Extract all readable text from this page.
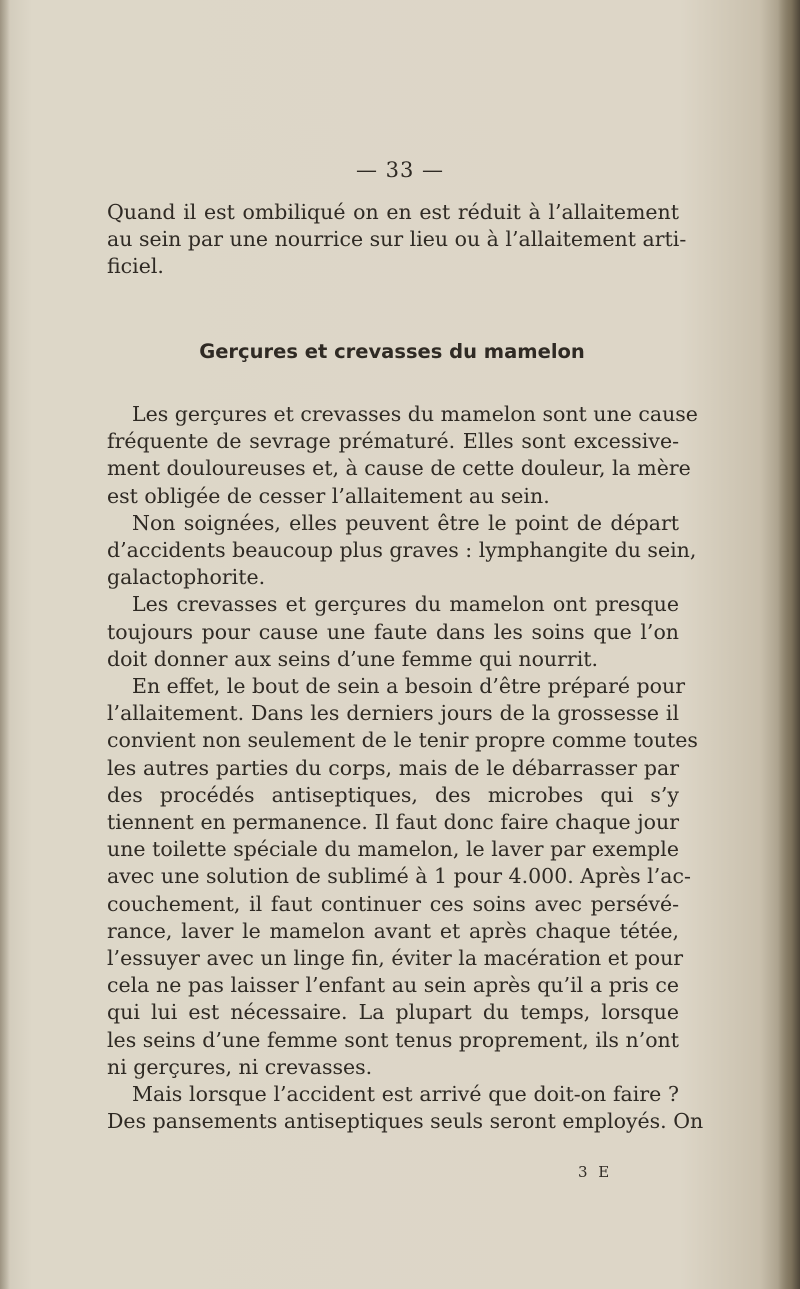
— 33 —
Quand il est ombiliqué on en est réduit à l’allaitement
au sein par une nourrice sur lieu ou à l’allaitement arti-
ficiel.
Gerçures et crevasses du mamelon
Les gerçures et crevasses du mamelon sont une cause
fréquente de sevrage prématuré. Elles sont excessive-
ment douloureuses et, à cause de cette douleur, la mère
est obligée de cesser l’allaitement au sein.
Non soignées, elles peuvent être le point de départ
d’accidents beaucoup plus graves : lymphangite du sein,
galactophorite.
Les crevasses et gerçures du mamelon ont presque
toujours pour cause une faute dans les soins que l’on
doit donner aux seins d’une femme qui nourrit.
En effet, le bout de sein a besoin d’être préparé pour
l’allaitement. Dans les derniers jours de la grossesse il
convient non seulement de le tenir propre comme toutes
les autres parties du corps, mais de le débarrasser par
des procédés antiseptiques, des microbes qui s’y
tiennent en permanence. Il faut donc faire chaque jour
une toilette spéciale du mamelon, le laver par exemple
avec une solution de sublimé à 1 pour 4.000. Après l’ac-
couchement, il faut continuer ces soins avec persévé-
rance, laver le mamelon avant et après chaque tétée,
l’essuyer avec un linge fin, éviter la macération et pour
cela ne pas laisser l’enfant au sein après qu’il a pris ce
qui lui est nécessaire. La plupart du temps, lorsque
les seins d’une femme sont tenus proprement, ils n’ont
ni gerçures, ni crevasses.
Mais lorsque l’accident est arrivé que doit-on faire ?
Des pansements antiseptiques seuls seront employés. On
3 E
